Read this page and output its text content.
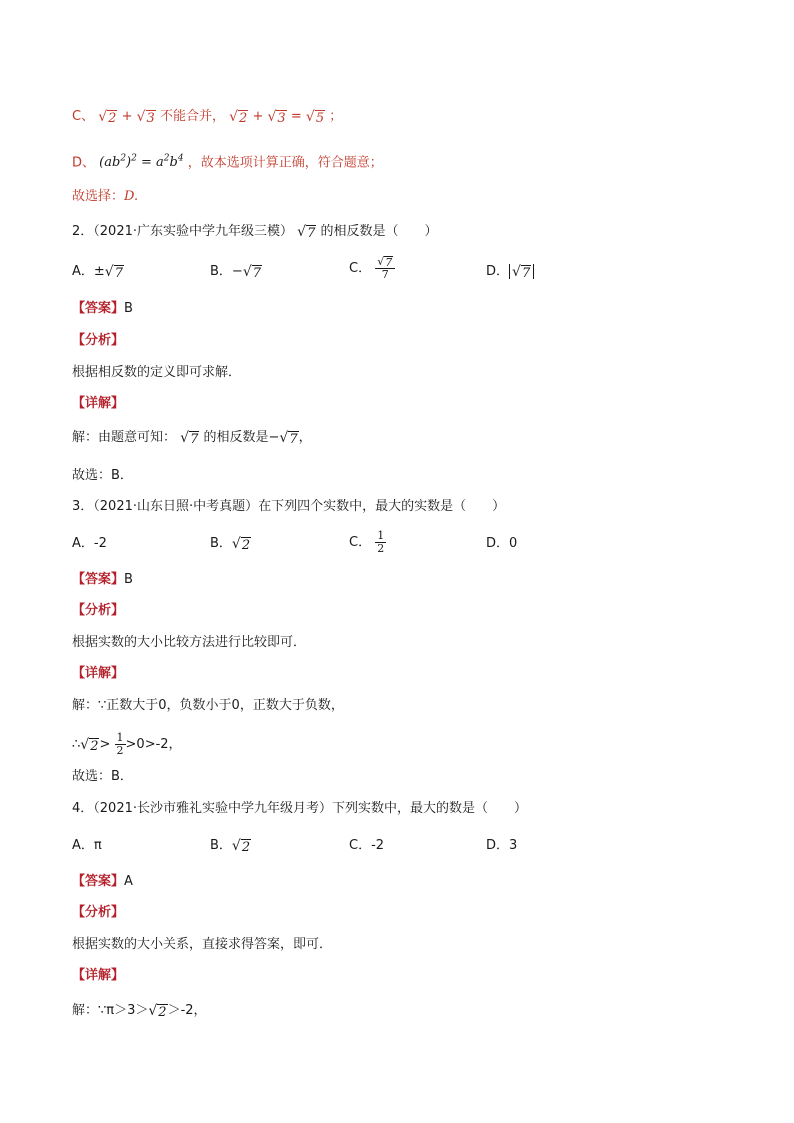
C、 √ 2 + √ 3 不能合并， √ 2 + √ 3 = √ 5 ；
D、 $(ab^2)^2 = a^2b^4$ ，故本选项计算正确，符合题意；
故选择：D.
2．（2021·广东实验中学九年级三模） √ 7 的相反数是（　　）
A．± √ 7	B．− √ 7	C． $\frac{√ 7}{7}$	D． √ 7
【答案】B
【分析】
根据相反数的定义即可求解．
【详解】
解：由题意可知： √ 7 的相反数是− √ 7 ，
故选：B．
3．（2021·山东日照·中考真题）在下列四个实数中，最大的实数是（　　）
A．-2	B． √ 2	C． $\frac{1}{2}$	D．0
【答案】B
【分析】
根据实数的大小比较方法进行比较即可．
【详解】
解：∵正数大于0，负数小于0，正数大于负数，
∴ √ $2 > \frac{1}{2} >0>-2$，
故选：B．
4．（2021·长沙市雅礼实验中学九年级月考）下列实数中，最大的数是（　　）
A．π	B． √ 2	C．-2	D．3
【答案】A
【分析】
根据实数的大小关系，直接求得答案，即可．
【详解】
解：∵π＞3＞ √ 2 ＞-2，
